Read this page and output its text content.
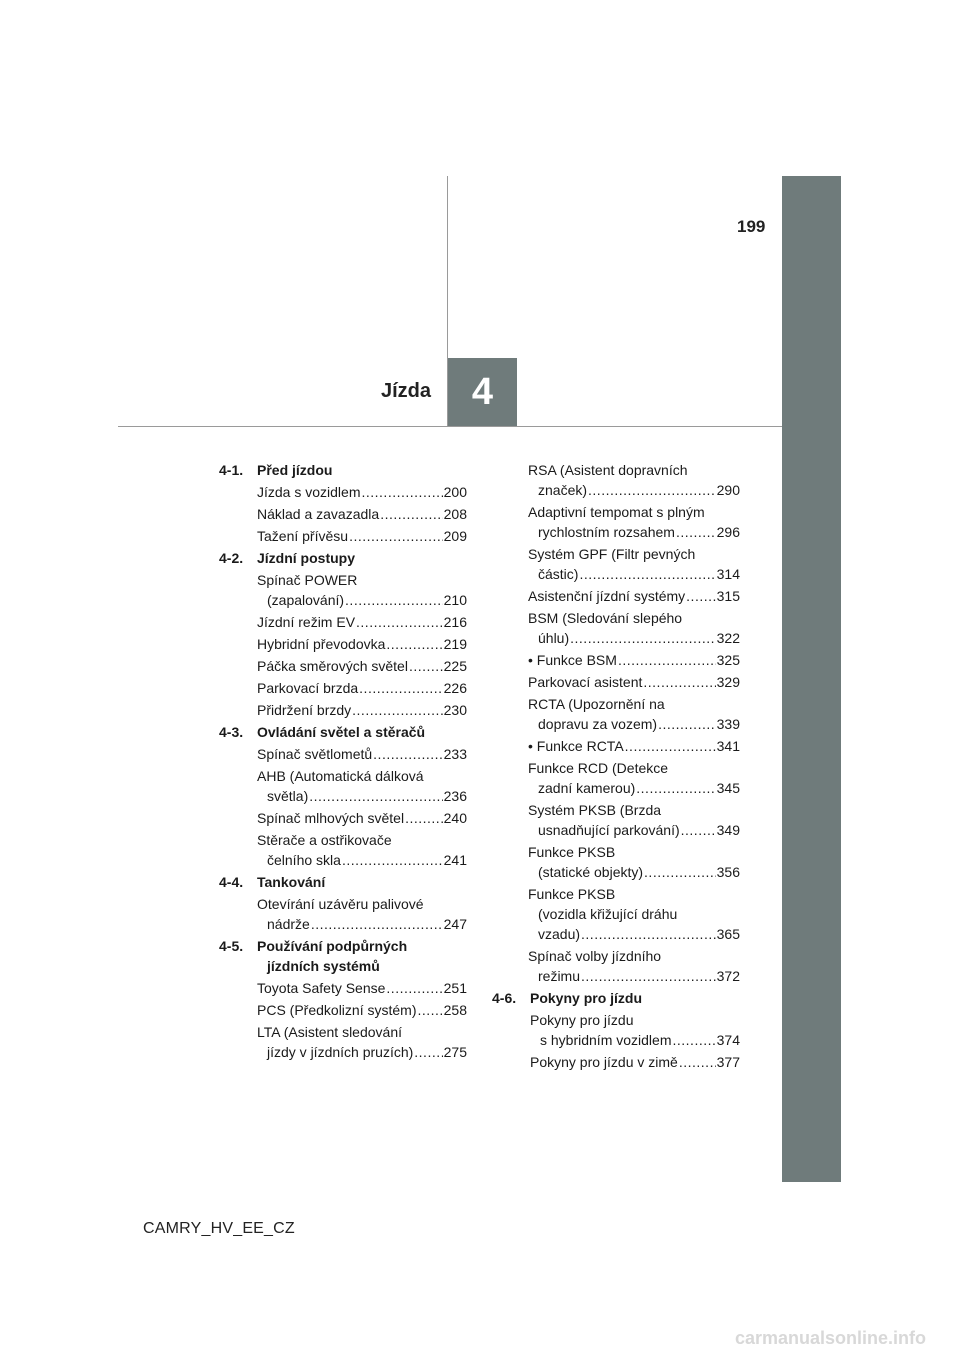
4
Jízda
199
4-1. Před jízdou
Jízda s vozidlem .....	200
Náklad a zavazadla .....	208
Tažení přívěsu .....	209
4-2. Jízdní postupy
Spínač POWER
(zapalování) .....	210
Jízdní režim EV .....	216
Hybridní převodovka .....	219
Páčka směrových světel .....	225
Parkovací brzda .....	226
Přidržení brzdy .....	230
4-3. Ovládání světel a stěračů
Spínač světlometů .....	233
AHB (Automatická dálková
světla) .....	236
Spínač mlhových světel .....	240
Stěrače a ostřikovače
čelního skla .....	241
4-4. Tankování
Otevírání uzávěru palivové
nádrže .....	247
4-5. Používání podpůrných
jízdních systémů
Toyota Safety Sense .....	251
PCS (Předkolizní systém) ..... 258
LTA (Asistent sledování
jízdy v jízdních pruzích) ..... 275
RSA (Asistent dopravních
značek) .....	290
Adaptivní tempomat s plným
rychlostním rozsahem .....	296
Systém GPF (Filtr pevných
částic) .....	314
Asistenční jízdní systémy ..... 315
BSM (Sledování slepého
úhlu) .....	322
• Funkce BSM .....	325
Parkovací asistent .....	329
RCTA (Upozornění na
dopravu za vozem) .....	339
• Funkce RCTA .....	341
Funkce RCD (Detekce
zadní kamerou) .....	345
Systém PKSB (Brzda
usnadňující parkování) .....	349
Funkce PKSB
(statické objekty) .....	356
Funkce PKSB
(vozidla křižující dráhu
vzadu) .....	365
Spínač volby jízdního
režimu .....	372
4-6. Pokyny pro jízdu
Pokyny pro jízdu
s hybridním vozidlem .....	374
Pokyny pro jízdu v zimě .....	377
CAMRY_HV_EE_CZ
carmanualsonline.info
